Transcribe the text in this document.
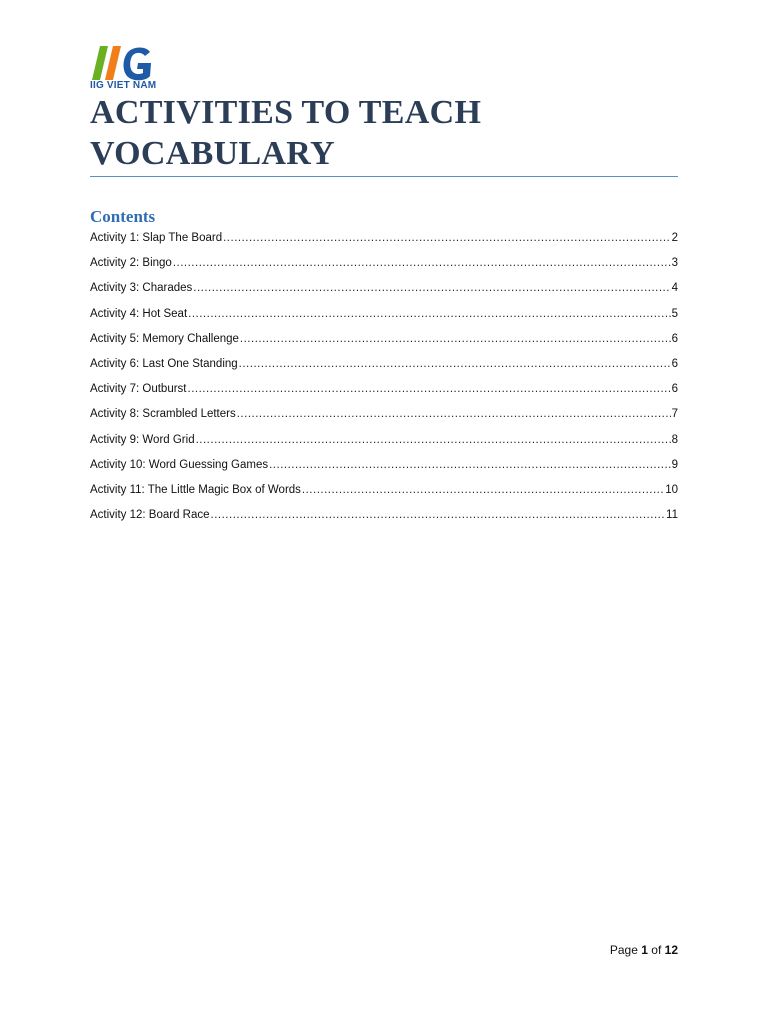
IIG VIET NAM
ACTIVITIES TO TEACH VOCABULARY
Contents
Activity 1: Slap The Board .....	2
Activity 2: Bingo .....	3
Activity 3: Charades .....	4
Activity 4: Hot Seat .....	5
Activity 5: Memory Challenge .....	6
Activity 6: Last One Standing .....	6
Activity 7: Outburst .....	6
Activity 8: Scrambled Letters .....	7
Activity 9: Word Grid .....	8
Activity 10: Word Guessing Games .....	9
Activity 11: The Little Magic Box of Words .....	10
Activity 12: Board Race .....	11
Page 1 of 12
